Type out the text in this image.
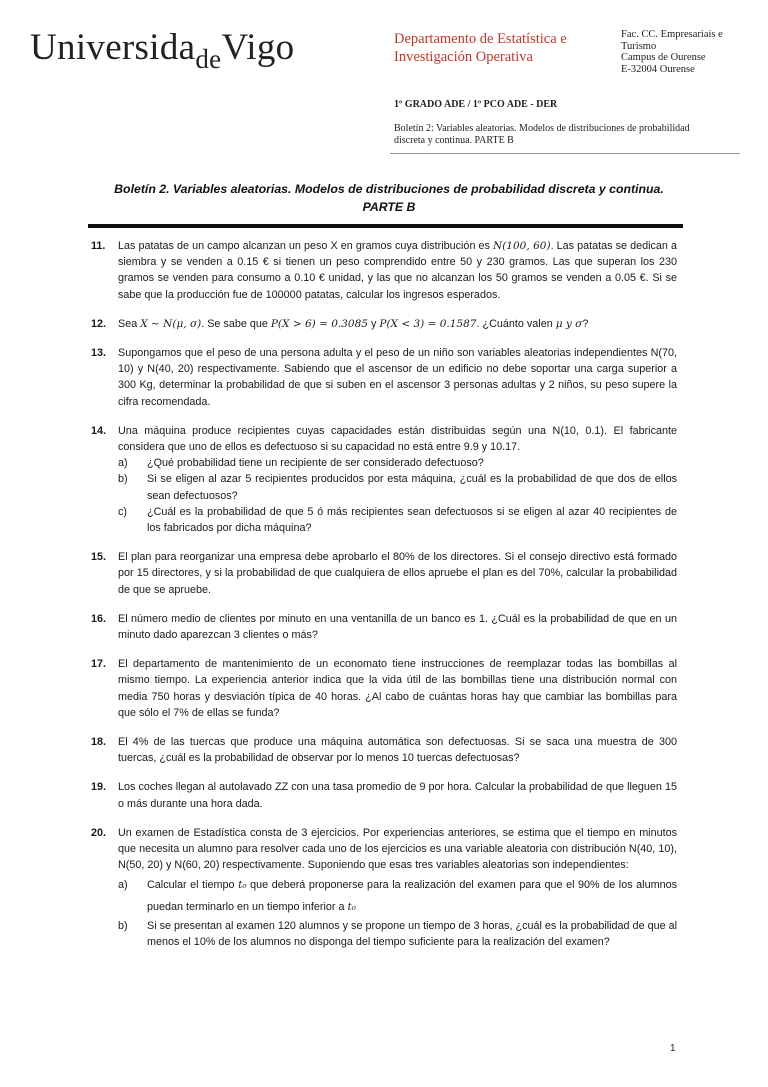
Universida$_{de}$Vigo	Departamento de Estatística e
Investigación Operativa
Fac. CC. Empresariais e
Turismo
Campus de Ourense
E-32004 Ourense
1º GRADO ADE / 1º PCO ADE - DER
Boletín 2: Variables aleatorias. Modelos de distribuciones de probabilidad discreta y continua. PARTE B
Boletín 2. Variables aleatorias. Modelos de distribuciones de probabilidad discreta y continua.
PARTE B
11. Las patatas de un campo alcanzan un peso X en gramos cuya distribución es N(100, 60). Las patatas se dedican a siembra y se venden a 0.15 € si tienen un peso comprendido entre 50 y 230 gramos. Las que superan los 230 gramos se venden para consumo a 0.10 € unidad, y las que no alcanzan los 50 gramos se venden a 0.05 €. Si se sabe que la producción fue de 100000 patatas, calcular los ingresos esperados.
12. Sea X ∼ N(μ, σ). Se sabe que P(X > 6) = 0.3085 y P(X < 3) = 0.1587. ¿Cuánto valen μ y σ?
13. Supongamos que el peso de una persona adulta y el peso de un niño son variables aleatorias independientes N(70, 10) y N(40, 20) respectivamente. Sabiendo que el ascensor de un edificio no debe soportar una carga superior a 300 Kg, determinar la probabilidad de que si suben en el ascensor 3 personas adultas y 2 niños, su peso supere la cifra recomendada.
14. Una máquina produce recipientes cuyas capacidades están distribuidas según una N(10, 0.1). El fabricante considera que uno de ellos es defectuoso si su capacidad no está entre 9.9 y 10.17.
a) ¿Qué probabilidad tiene un recipiente de ser considerado defectuoso?
b) Si se eligen al azar 5 recipientes producidos por esta máquina, ¿cuál es la probabilidad de que dos de ellos sean defectuosos?
c) ¿Cuál es la probabilidad de que 5 ó más recipientes sean defectuosos si se eligen al azar 40 recipientes de los fabricados por dicha máquina?
15. El plan para reorganizar una empresa debe aprobarlo el 80% de los directores. Si el consejo directivo está formado por 15 directores, y si la probabilidad de que cualquiera de ellos apruebe el plan es del 70%, calcular la probabilidad de que se apruebe.
16. El número medio de clientes por minuto en una ventanilla de un banco es 1. ¿Cuál es la probabilidad de que en un minuto dado aparezcan 3 clientes o más?
17. El departamento de mantenimiento de un economato tiene instrucciones de reemplazar todas las bombillas al mismo tiempo. La experiencia anterior indica que la vida útil de las bombillas tiene una distribución normal con media 750 horas y desviación típica de 40 horas. ¿Al cabo de cuántas horas hay que cambiar las bombillas para que sólo el 7% de ellas se funda?
18. El 4% de las tuercas que produce una máquina automática son defectuosas. Si se saca una muestra de 300 tuercas, ¿cuál es la probabilidad de observar por lo menos 10 tuercas defectuosas?
19. Los coches llegan al autolavado ZZ con una tasa promedio de 9 por hora. Calcular la probabilidad de que lleguen 15 o más durante una hora dada.
20. Un examen de Estadística consta de 3 ejercicios. Por experiencias anteriores, se estima que el tiempo en minutos que necesita un alumno para resolver cada uno de los ejercicios es una variable aleatoria con distribución N(40, 10), N(50, 20) y N(60, 20) respectivamente. Suponiendo que esas tres variables aleatorias son independientes:
a) Calcular el tiempo t₀ que deberá proponerse para la realización del examen para que el 90% de los alumnos puedan terminarlo en un tiempo inferior a t₀
b) Si se presentan al examen 120 alumnos y se propone un tiempo de 3 horas, ¿cuál es la probabilidad de que al menos el 10% de los alumnos no disponga del tiempo suficiente para la realización del examen?
1
